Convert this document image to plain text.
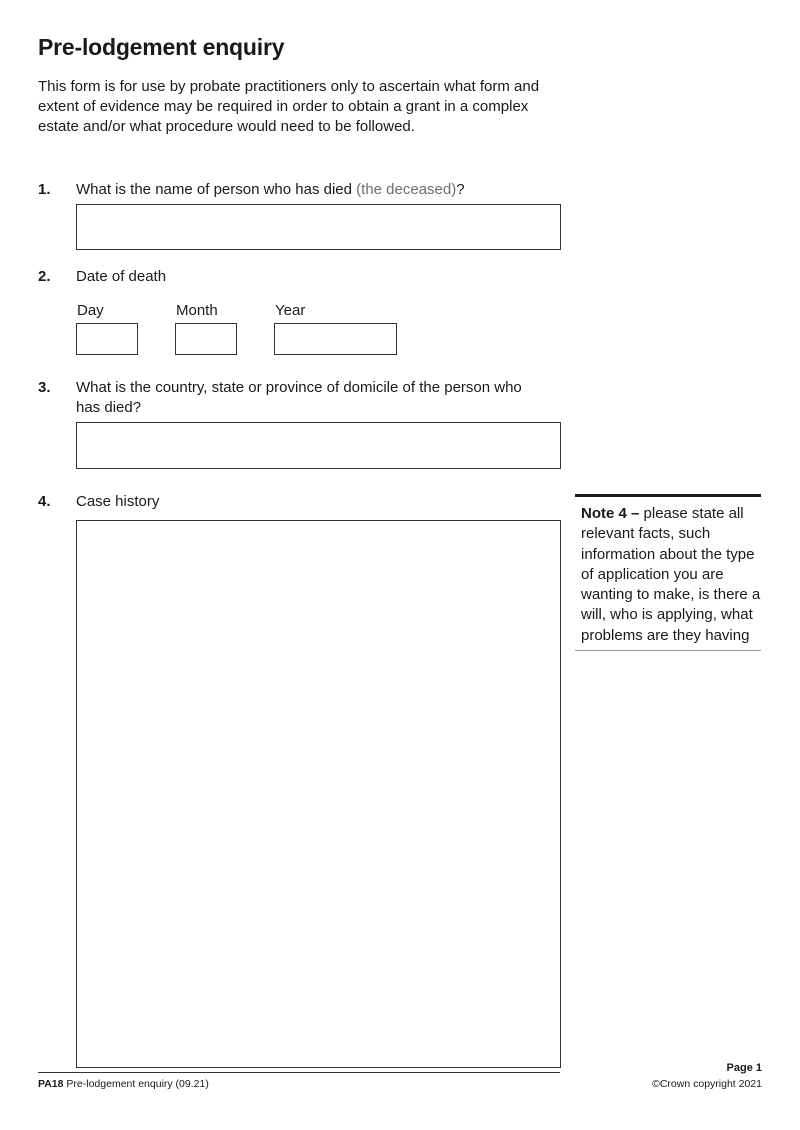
Pre-lodgement enquiry

This form is for use by probate practitioners only to ascertain what form and extent of evidence may be required in order to obtain a grant in a complex estate and/or what procedure would need to be followed.

1. What is the name of person who has died (the deceased)?
2. Date of death
Day	Month	Year
3. What is the country, state or province of domicile of the person who has died?
4. Case history
Note 4 – please state all relevant facts, such information about the type of application you are wanting to make, is there a will, who is applying, what problems are they having
PA18 Pre-lodgement enquiry (09.21)
Page 1
©Crown copyright 2021
